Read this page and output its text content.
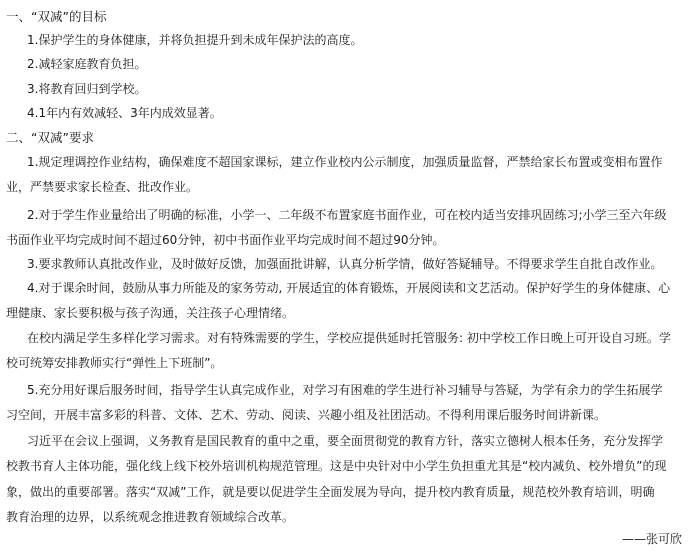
一、“双减”的目标
1.保护学生的身体健康，并将负担提升到未成年保护法的高度。
2.减轻家庭教育负担。
3.将教育回归到学校。
4.1年内有效减轻、3年内成效显著。
二、“双减”要求
1.规定理调控作业结构，确保难度不超国家课标，建立作业校内公示制度，加强质量监督，严禁给家长布置或变相布置作
业，严禁要求家长检查、批改作业。
2.对于学生作业量给出了明确的标准，小学一、二年级不布置家庭书面作业，可在校内适当安排巩固练习;小学三至六年级
书面作业平均完成时间不超过60分钟，初中书面作业平均完成时间不超过90分钟。
3.要求教师认真批改作业，及时做好反馈，加强面批讲解，认真分析学情，做好答疑辅导。不得要求学生自批自改作业。
4.对于课余时间，鼓励从事力所能及的家务劳动, 开展适宜的体育锻炼，开展阅读和文艺活动。保护好学生的身体健康、心
理健康、家长要积极与孩子沟通，关注孩子心理情绪。
在校内满足学生多样化学习需求。对有特殊需要的学生，学校应提供延时托管服务: 初中学校工作日晚上可开设自习班。学
校可统筹安排教师实行“弹性上下班制”。
5.充分用好课后服务时间，指导学生认真完成作业，对学习有困难的学生进行补习辅导与答疑，为学有余力的学生拓展学
习空间，开展丰富多彩的科普、文体、艺术、劳动、阅读、兴趣小组及社团活动。不得利用课后服务时间讲新课。
习近平在会议上强调，义务教育是国民教育的重中之重，要全面贯彻党的教育方针，落实立德树人根本任务，充分发挥学
校教书育人主体功能，强化线上线下校外培训机构规范管理。这是中央针对中小学生负担重尤其是“校内减负、校外增负”的现
象，做出的重要部署。落实“双减”工作，就是要以促进学生全面发展为导向，提升校内教育质量，规范校外教育培训，明确
教育治理的边界，以系统观念推进教育领域综合改革。
——张可欣
